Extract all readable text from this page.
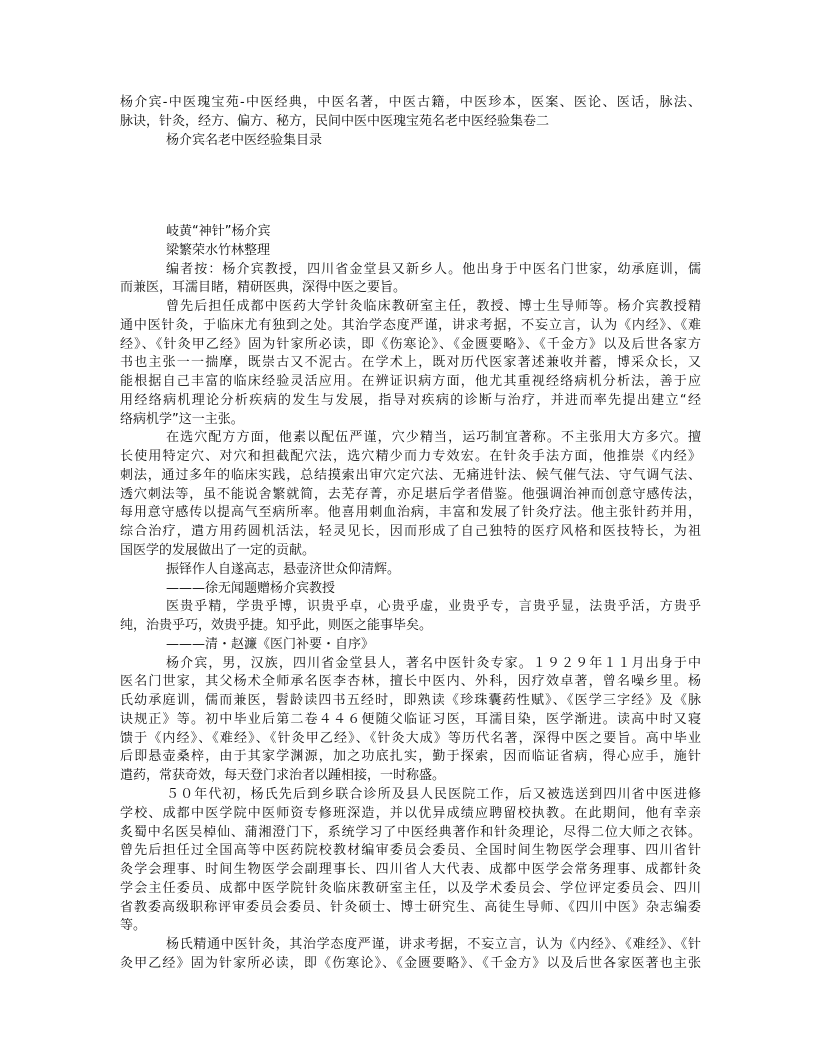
杨介宾-中医瑰宝苑-中医经典，中医名著，中医古籍，中医珍本，医案、医论、医话，脉法、
脉诀，针灸，经方、偏方、秘方，民间中医中医瑰宝苑名老中医经验集卷二
杨介宾名老中医经验集目录
岐黄“神针”杨介宾
梁繁荣水竹林整理
编者按：杨介宾教授，四川省金堂县又新乡人。他出身于中医名门世家，幼承庭训，儒
而兼医，耳濡目睹，精研医典，深得中医之要旨。
曾先后担任成都中医药大学针灸临床教研室主任，教授、博士生导师等。杨介宾教授精
通中医针灸，于临床尤有独到之处。其治学态度严谨，讲求考据，不妄立言，认为《内经》、《难
经》、《针灸甲乙经》固为针家所必读，即《伤寒论》、《金匮要略》、《千金方》以及后世各家方
书也主张一一揣摩，既崇古又不泥古。在学术上，既对历代医家著述兼收并蓄，博采众长，又
能根据自己丰富的临床经验灵活应用。在辨证识病方面，他尤其重视经络病机分析法，善于应
用经络病机理论分析疾病的发生与发展，指导对疾病的诊断与治疗，并进而率先提出建立“经
络病机学”这一主张。
在选穴配方方面，他素以配伍严谨，穴少精当，运巧制宜著称。不主张用大方多穴。擅
长使用特定穴、对穴和担截配穴法，选穴精少而力专效宏。在针灸手法方面，他推崇《内经》
刺法，通过多年的临床实践，总结摸索出审穴定穴法、无痛进针法、候气催气法、守气调气法、
透穴刺法等，虽不能说舍繁就简，去芜存菁，亦足堪后学者借鉴。他强调治神而创意守感传法，
每用意守感传以提高气至病所率。他喜用刺血治病，丰富和发展了针灸疗法。他主张针药并用，
综合治疗，遣方用药圆机活法，轻灵见长，因而形成了自己独特的医疗风格和医技特长，为祖
国医学的发展做出了一定的贡献。
振铎作人自遂高志，悬壶济世众仰清辉。
———徐无闻题赠杨介宾教授
医贵乎精，学贵乎博，识贵乎卓，心贵乎虚，业贵乎专，言贵乎显，法贵乎活，方贵乎
纯，治贵乎巧，效贵乎捷。知乎此，则医之能事毕矣。
———清・赵濂《医门补要・自序》
杨介宾，男，汉族，四川省金堂县人，著名中医针灸专家。１９２９年１１月出身于中
医名门世家，其父杨术全师承名医李杏林，擅长中医内、外科，因疗效卓著，曾名噪乡里。杨
氏幼承庭训，儒而兼医，髫龄读四书五经时，即熟读《珍珠囊药性赋》、《医学三字经》及《脉
诀规正》等。初中毕业后第二卷４４６便随父临证习医，耳濡目染，医学渐进。读高中时又寝
馈于《内经》、《难经》、《针灸甲乙经》、《针灸大成》等历代名著，深得中医之要旨。高中毕业
后即悬壶桑梓，由于其家学渊源，加之功底扎实，勤于探索，因而临证省病，得心应手，施针
遣药，常获奇效，每天登门求治者以踵相接，一时称盛。
５０年代初，杨氏先后到乡联合诊所及县人民医院工作，后又被选送到四川省中医进修
学校、成都中医学院中医师资专修班深造，并以优异成绩应聘留校执教。在此期间，他有幸亲
炙蜀中名医吴棹仙、蒲湘澄门下，系统学习了中医经典著作和针灸理论，尽得二位大师之衣钵。
曾先后担任过全国高等中医药院校教材编审委员会委员、全国时间生物医学会理事、四川省针
灸学会理事、时间生物医学会副理事长、四川省人大代表、成都中医学会常务理事、成都针灸
学会主任委员、成都中医学院针灸临床教研室主任，以及学术委员会、学位评定委员会、四川
省教委高级职称评审委员会委员、针灸硕士、博士研究生、高徒生导师、《四川中医》杂志编委
等。
杨氏精通中医针灸，其治学态度严谨，讲求考据，不妄立言，认为《内经》、《难经》、《针
灸甲乙经》固为针家所必读，即《伤寒论》、《金匮要略》、《千金方》以及后世各家医著也主张
